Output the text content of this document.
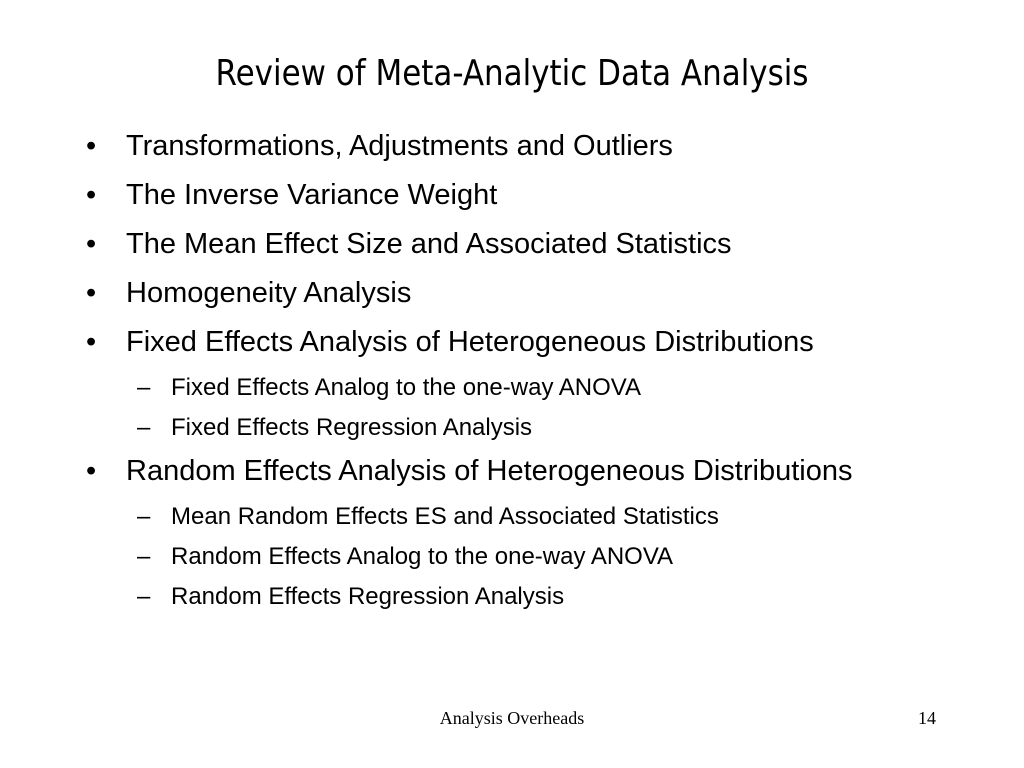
Review of Meta-Analytic Data Analysis
• Transformations, Adjustments and Outliers
• The Inverse Variance Weight
• The Mean Effect Size and Associated Statistics
• Homogeneity Analysis
• Fixed Effects Analysis of Heterogeneous Distributions
– Fixed Effects Analog to the one-way ANOVA
– Fixed Effects Regression Analysis
• Random Effects Analysis of Heterogeneous Distributions
– Mean Random Effects ES and Associated Statistics
– Random Effects Analog to the one-way ANOVA
– Random Effects Regression Analysis
Analysis Overheads	14
